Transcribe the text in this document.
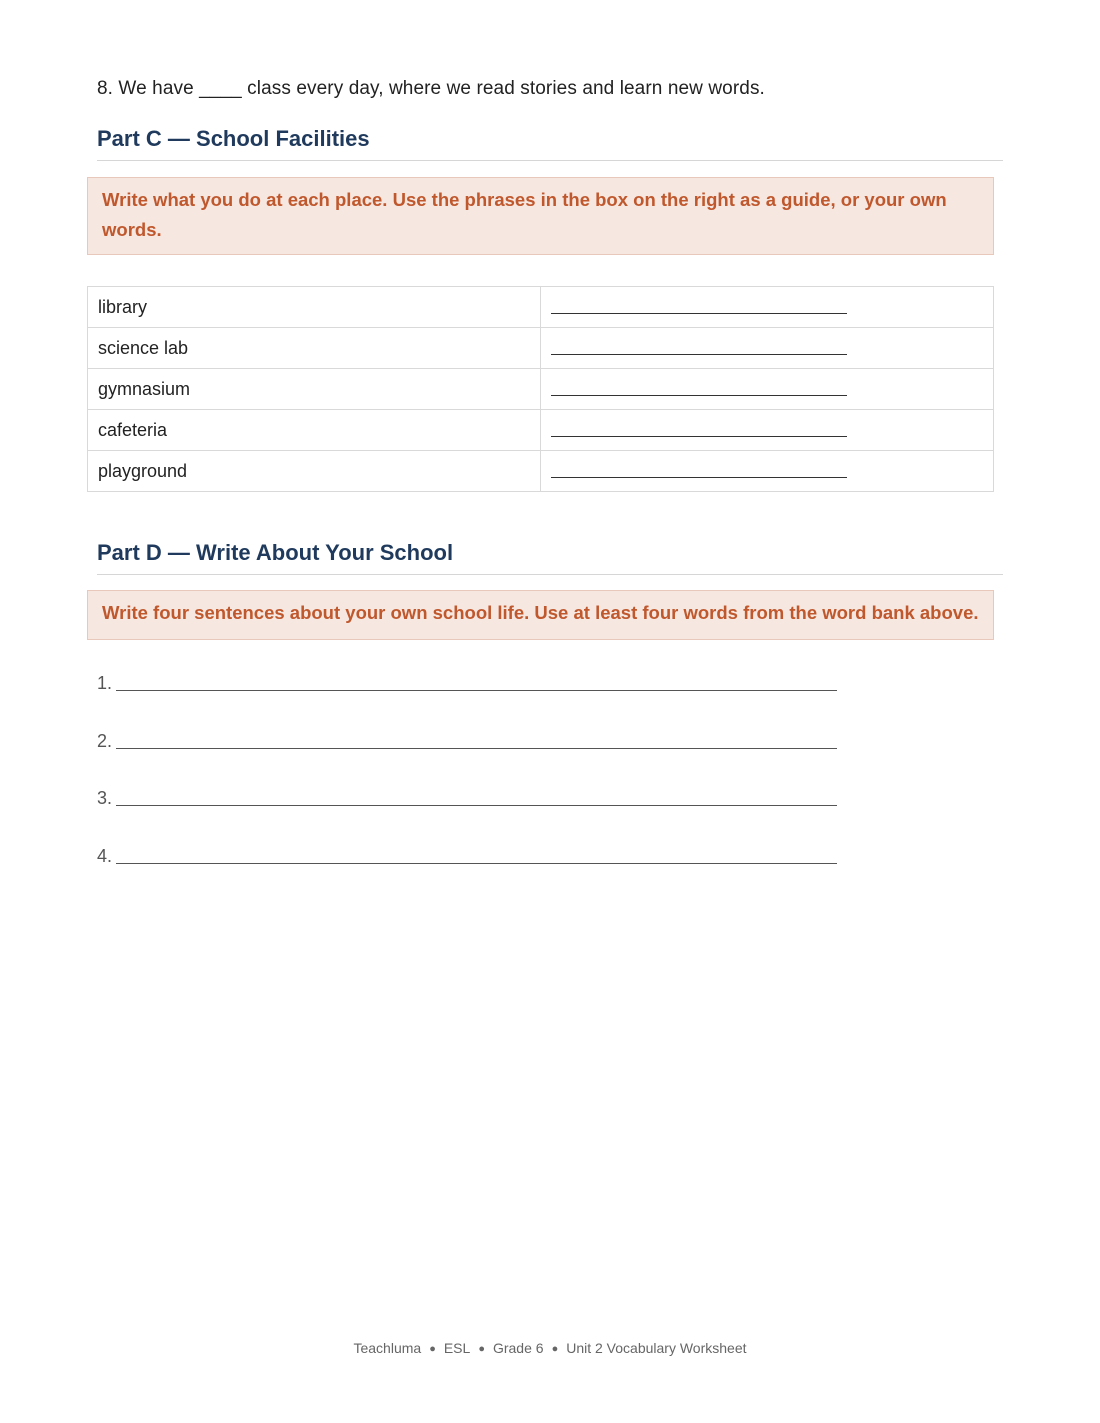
8. We have ____ class every day, where we read stories and learn new words.
Part C — School Facilities
Write what you do at each place. Use the phrases in the box on the right as a guide, or your own words.
library	

science lab	

gymnasium	

cafeteria	

playground	
Part D — Write About Your School
Write four sentences about your own school life. Use at least four words from the word bank above.
1.
2.
3.
4.
Teachluma ● ESL ● Grade 6 ● Unit 2 Vocabulary Worksheet
